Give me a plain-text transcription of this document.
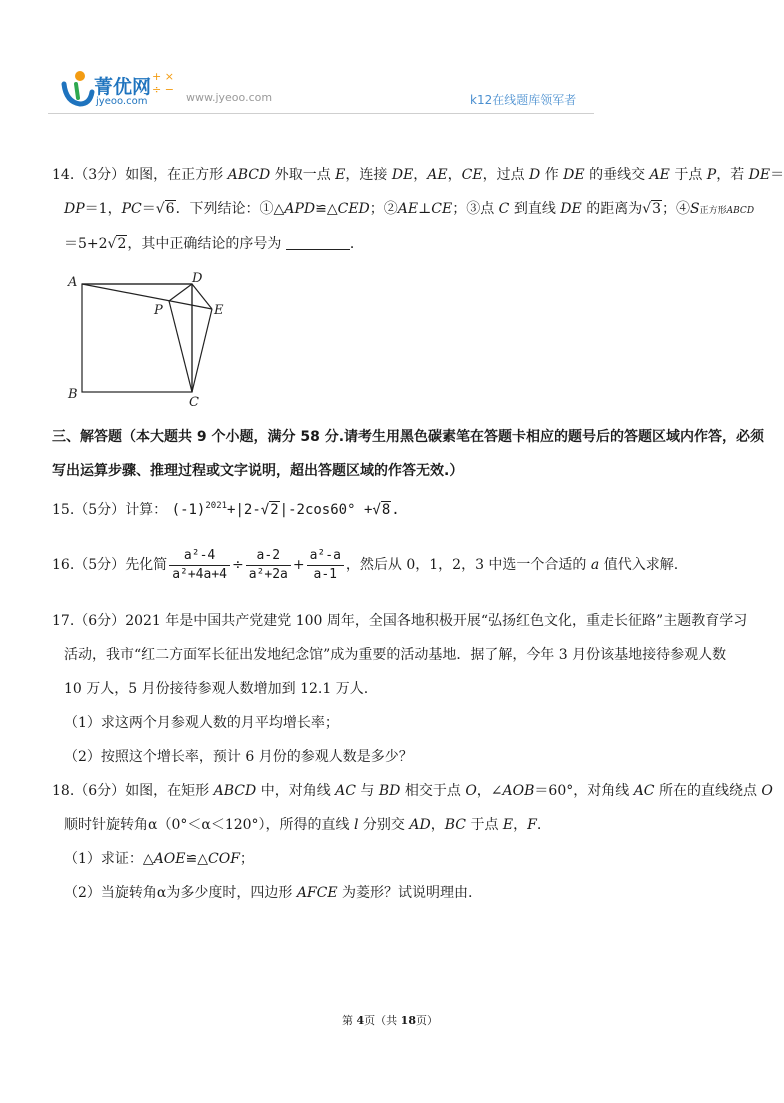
菁优网
jyeoo.com
+ ×
÷ −
www.jyeoo.com	k12在线题库领军者
14.（3分）如图，在正方形 ABCD 外取一点 E，连接 DE，AE，CE，过点 D 作 DE 的垂线交 AE 于点 P，若 DE＝
DP＝1，PC＝√6．下列结论：①△APD≌△CED；②AE⊥CE；③点 C 到直线 DE 的距离为√3；④S正方形ABCD
＝5+2√2，其中正确结论的序号为	．
A
B
C
D
E
P
三、解答题（本大题共 9 个小题，满分 58 分.请考生用黑色碳素笔在答题卡相应的题号后的答题区域内作答，必须
写出运算步骤、推理过程或文字说明，超出答题区域的作答无效.）
15.（5分）计算： $(-1)^{2021}+|2-√2|-2\cos 60^\circ +√8$.
16.（5分）先化简 $\frac{\text{a²-4}}{\text{a²+4a+4}} \div \frac{a-2}{\text{a²+2a}} + \frac{\text{a²-a}}{a-1}$ ，然后从 0，1，2，3 中选一个合适的 a 值代入求解.
17.（6分）2021 年是中国共产党建党 100 周年，全国各地积极开展“弘扬红色文化，重走长征路”主题教育学习
活动，我市“红二方面军长征出发地纪念馆”成为重要的活动基地．据了解，今年 3 月份该基地接待参观人数
10 万人，5 月份接待参观人数增加到 12.1 万人.
（1）求这两个月参观人数的月平均增长率；
（2）按照这个增长率，预计 6 月份的参观人数是多少？
18.（6分）如图，在矩形 ABCD 中，对角线 AC 与 BD 相交于点 O，∠AOB＝60°，对角线 AC 所在的直线绕点 O
顺时针旋转角α（0°＜α＜120°），所得的直线 l 分别交 AD，BC 于点 E，F.
（1）求证：△AOE≌△COF；
（2）当旋转角α为多少度时，四边形 AFCE 为菱形？试说明理由.
第 4页（共 18页）
